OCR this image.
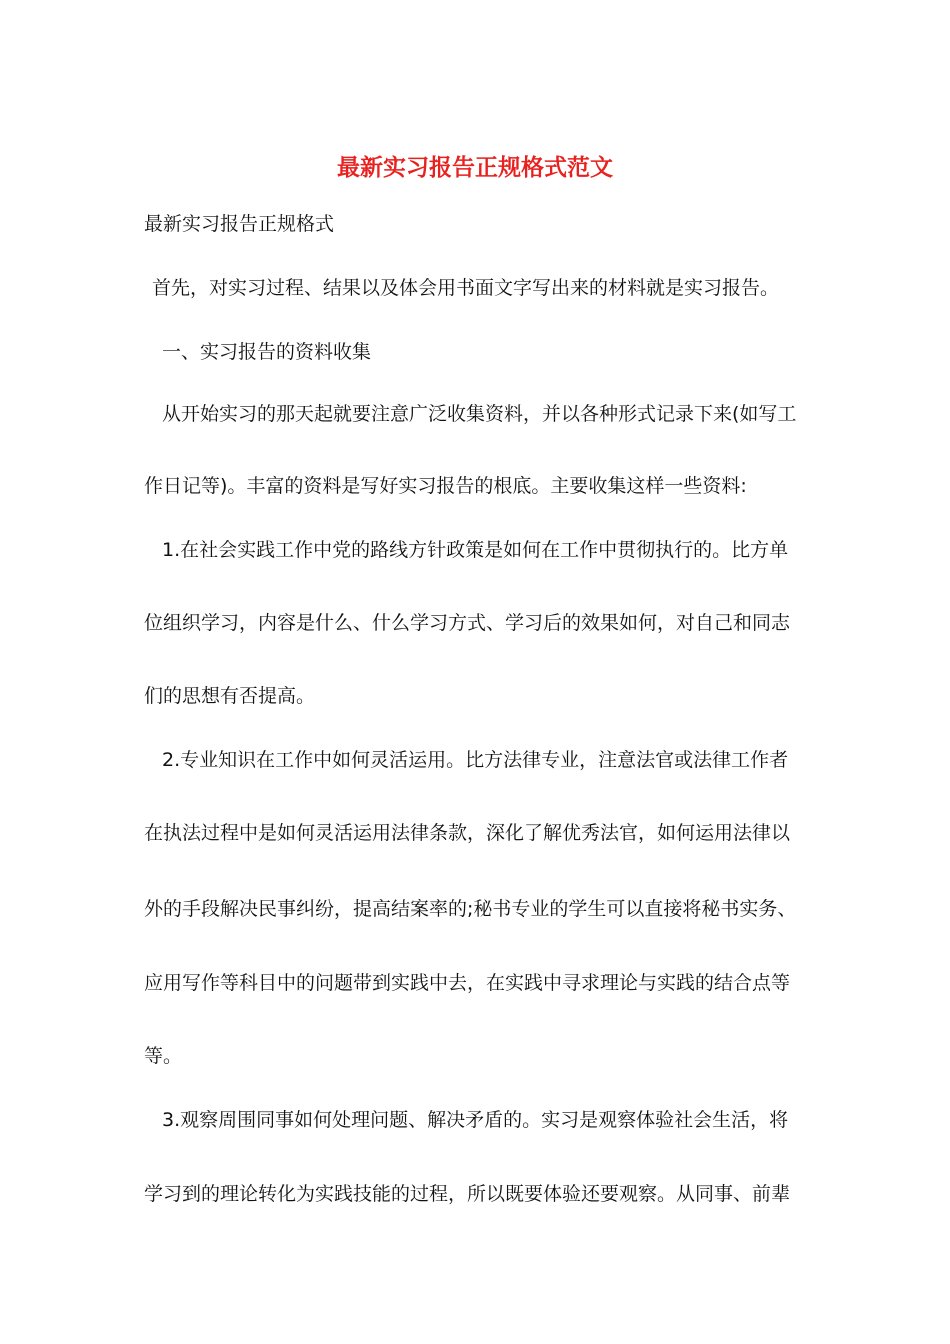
最新实习报告正规格式范文
最新实习报告正规格式
首先，对实习过程、结果以及体会用书面文字写出来的材料就是实习报告。
一、实习报告的资料收集
从开始实习的那天起就要注意广泛收集资料，并以各种形式记录下来(如写工
作日记等)。丰富的资料是写好实习报告的根底。主要收集这样一些资料:
1.在社会实践工作中党的路线方针政策是如何在工作中贯彻执行的。比方单
位组织学习，内容是什么、什么学习方式、学习后的效果如何，对自己和同志
们的思想有否提高。
2.专业知识在工作中如何灵活运用。比方法律专业，注意法官或法律工作者
在执法过程中是如何灵活运用法律条款，深化了解优秀法官，如何运用法律以
外的手段解决民事纠纷，提高结案率的;秘书专业的学生可以直接将秘书实务、
应用写作等科目中的问题带到实践中去，在实践中寻求理论与实践的结合点等
等。
3.观察周围同事如何处理问题、解决矛盾的。实习是观察体验社会生活，将
学习到的理论转化为实践技能的过程，所以既要体验还要观察。从同事、前辈
